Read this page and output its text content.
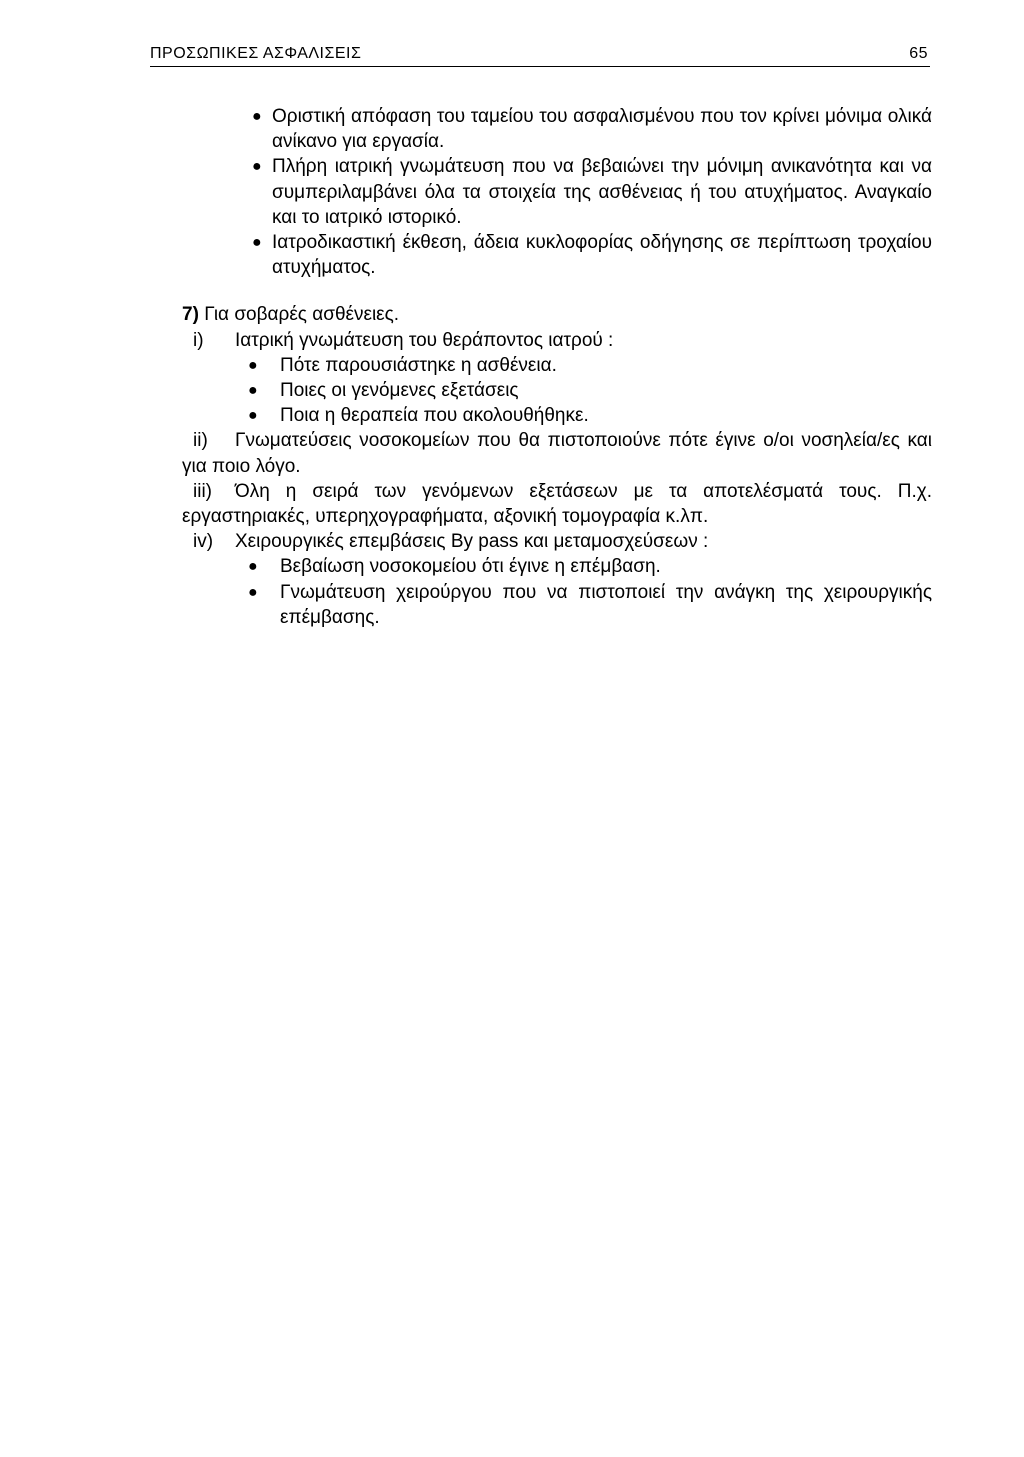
ΠΡΟΣΩΠΙΚΕΣ ΑΣΦΑΛΙΣΕΙΣ	65
● Οριστική απόφαση του ταμείου του ασφαλισμένου που τον κρίνει μόνιμα ολικά ανίκανο για εργασία.
● Πλήρη ιατρική γνωμάτευση που να βεβαιώνει την μόνιμη ανικανότητα και να συμπεριλαμβάνει όλα τα στοιχεία της ασθένειας ή του ατυχήματος. Αναγκαίο και το ιατρικό ιστορικό.
● Ιατροδικαστική έκθεση, άδεια κυκλοφορίας οδήγησης σε περίπτωση τροχαίου ατυχήματος.
7) Για σοβαρές ασθένειες.
i) Ιατρική γνωμάτευση του θεράποντος ιατρού :
● Πότε παρουσιάστηκε η ασθένεια.
● Ποιες οι γενόμενες εξετάσεις
● Ποια η θεραπεία που ακολουθήθηκε.
ii) Γνωματεύσεις νοσοκομείων που θα πιστοποιούνε πότε έγινε ο/οι νοσηλεία/ες και για ποιο λόγο.
iii) Όλη η σειρά των γενόμενων εξετάσεων με τα αποτελέσματά τους. Π.χ. εργαστηριακές, υπερηχογραφήματα, αξονική τομογραφία κ.λπ.
iv) Χειρουργικές επεμβάσεις By pass και μεταμοσχεύσεων :
● Βεβαίωση νοσοκομείου ότι έγινε η επέμβαση.
● Γνωμάτευση χειρούργου που να πιστοποιεί την ανάγκη της χειρουργικής επέμβασης.
